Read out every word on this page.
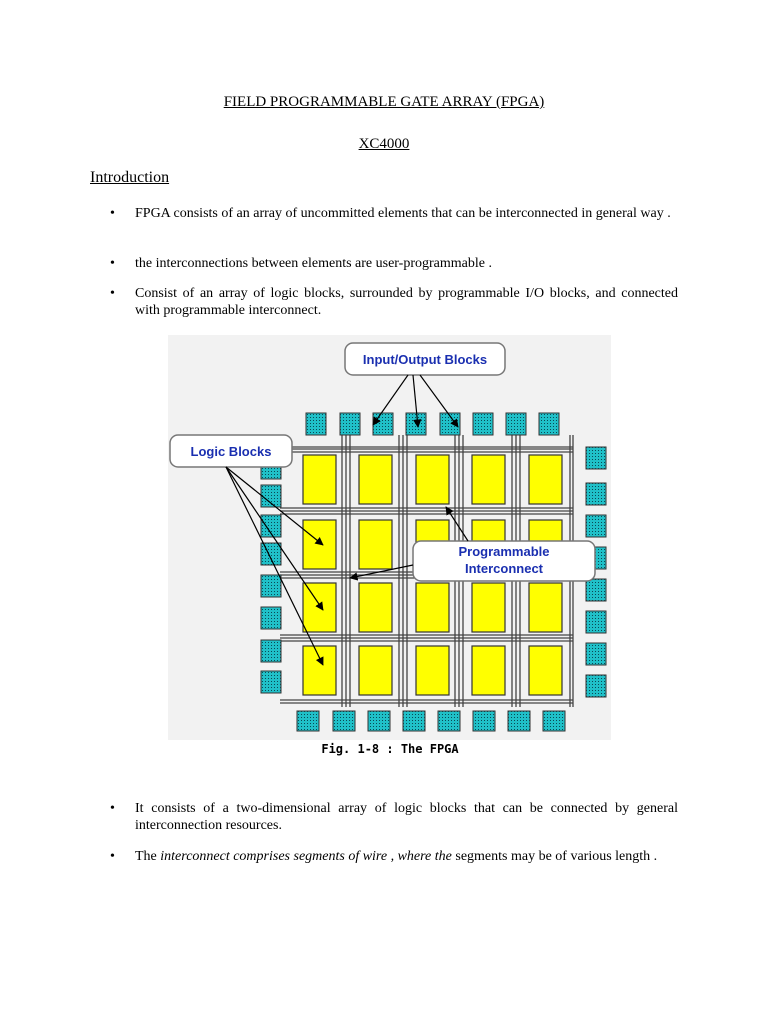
FIELD PROGRAMMABLE GATE ARRAY (FPGA)
XC4000
Introduction
• FPGA consists of an array of uncommitted elements that can be interconnected in general way .
• the interconnections between elements are user-programmable .
• Consist of an array of logic blocks, surrounded by programmable I/O blocks, and connected with programmable interconnect.
Input/Output Blocks
Logic Blocks
Programmable
Interconnect
Fig. 1-8 : The FPGA
• It consists of a two-dimensional array of logic blocks that can be connected by general interconnection resources.
• The interconnect comprises segments of wire , where the segments may be of various length .
